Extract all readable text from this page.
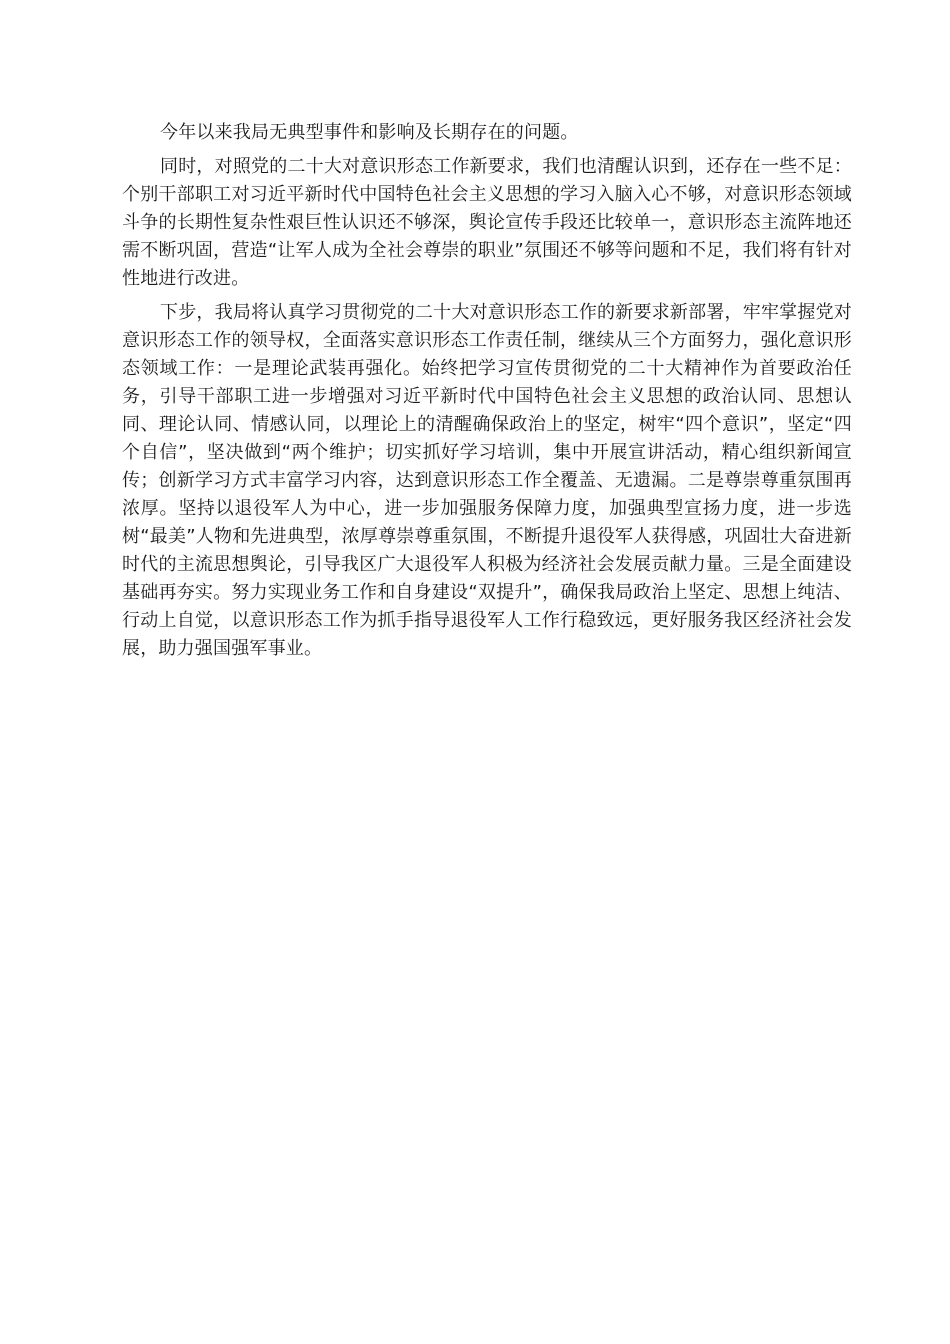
今年以来我局无典型事件和影响及长期存在的问题。

同时，对照党的二十大对意识形态工作新要求，我们也清醒认识到，还存在一些不足：个别干部职工对习近平新时代中国特色社会主义思想的学习入脑入心不够，对意识形态领域斗争的长期性复杂性艰巨性认识还不够深，舆论宣传手段还比较单一，意识形态主流阵地还需不断巩固，营造“让军人成为全社会尊崇的职业”氛围还不够等问题和不足，我们将有针对性地进行改进。

下步，我局将认真学习贯彻党的二十大对意识形态工作的新要求新部署，牢牢掌握党对意识形态工作的领导权，全面落实意识形态工作责任制，继续从三个方面努力，强化意识形态领域工作：一是理论武装再强化。始终把学习宣传贯彻党的二十大精神作为首要政治任务，引导干部职工进一步增强对习近平新时代中国特色社会主义思想的政治认同、思想认同、理论认同、情感认同，以理论上的清醒确保政治上的坚定，树牢“四个意识”，坚定“四个自信”，坚决做到“两个维护；切实抓好学习培训，集中开展宣讲活动，精心组织新闻宣传；创新学习方式丰富学习内容，达到意识形态工作全覆盖、无遗漏。二是尊崇尊重氛围再浓厚。坚持以退役军人为中心，进一步加强服务保障力度，加强典型宣扬力度，进一步选树“最美”人物和先进典型，浓厚尊崇尊重氛围，不断提升退役军人获得感，巩固壮大奋进新时代的主流思想舆论，引导我区广大退役军人积极为经济社会发展贡献力量。三是全面建设基础再夯实。努力实现业务工作和自身建设“双提升”，确保我局政治上坚定、思想上纯洁、行动上自觉，以意识形态工作为抓手指导退役军人工作行稳致远，更好服务我区经济社会发展，助力强国强军事业。
